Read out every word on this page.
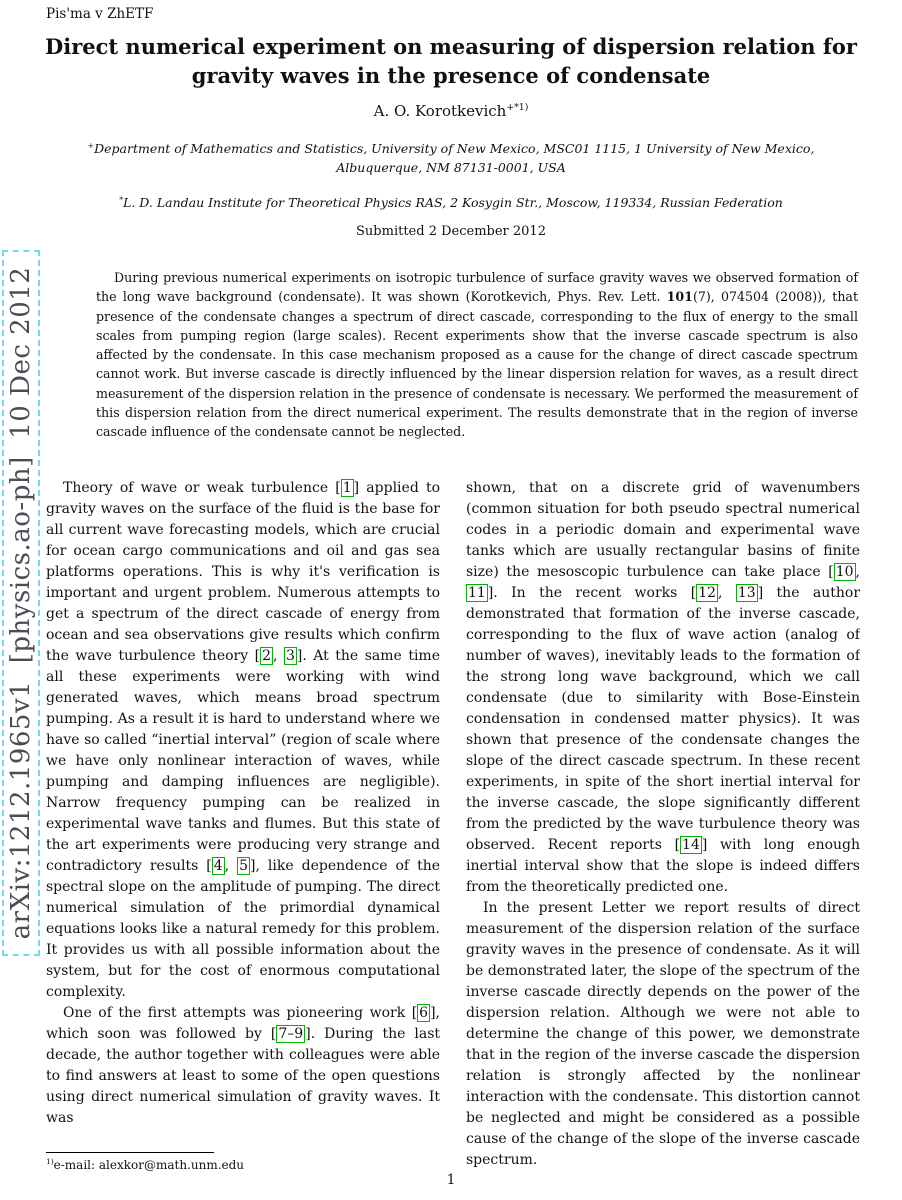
Pis'ma v ZhETF
arXiv:1212.1965v1  [physics.ao-ph]  10 Dec 2012
Direct numerical experiment on measuring of dispersion relation for gravity waves in the presence of condensate
A. O. Korotkevich$^{+*1)}$
+Department of Mathematics and Statistics, University of New Mexico, MSC01 1115, 1 University of New Mexico, Albuquerque, NM 87131-0001, USA
*L. D. Landau Institute for Theoretical Physics RAS, 2 Kosygin Str., Moscow, 119334, Russian Federation
Submitted 2 December 2012
During previous numerical experiments on isotropic turbulence of surface gravity waves we observed formation of the long wave background (condensate). It was shown (Korotkevich, Phys. Rev. Lett. 101(7), 074504 (2008)), that presence of the condensate changes a spectrum of direct cascade, corresponding to the flux of energy to the small scales from pumping region (large scales). Recent experiments show that the inverse cascade spectrum is also affected by the condensate. In this case mechanism proposed as a cause for the change of direct cascade spectrum cannot work. But inverse cascade is directly influenced by the linear dispersion relation for waves, as a result direct measurement of the dispersion relation in the presence of condensate is necessary. We performed the measurement of this dispersion relation from the direct numerical experiment. The results demonstrate that in the region of inverse cascade influence of the condensate cannot be neglected.

Theory of wave or weak turbulence [ 1 ] applied to gravity waves on the surface of the fluid is the base for all current wave forecasting models, which are crucial for ocean cargo communications and oil and gas sea platforms operations. This is why it's verification is important and urgent problem. Numerous attempts to get a spectrum of the direct cascade of energy from ocean and sea observations give results which confirm the wave turbulence theory [ 2 , 3 ]. At the same time all these experiments were working with wind generated waves, which means broad spectrum pumping. As a result it is hard to understand where we have so called “inertial interval” (region of scale where we have only nonlinear interaction of waves, while pumping and damping influences are negligible). Narrow frequency pumping can be realized in experimental wave tanks and flumes. But this state of the art experiments were producing very strange and contradictory results [ 4 , 5 ], like dependence of the spectral slope on the amplitude of pumping. The direct numerical simulation of the primordial dynamical equations looks like a natural remedy for this problem. It provides us with all possible information about the system, but for the cost of enormous computational complexity.

One of the first attempts was pioneering work [ 6 ], which soon was followed by [ 7–9 ]. During the last decade, the author together with colleagues were able to find answers at least to some of the open questions using direct numerical simulation of gravity waves. It was

shown, that on a discrete grid of wavenumbers (common situation for both pseudo spectral numerical codes in a periodic domain and experimental wave tanks which are usually rectangular basins of finite size) the mesoscopic turbulence can take place [ 10 , 11 ]. In the recent works [ 12 , 13 ] the author demonstrated that formation of the inverse cascade, corresponding to the flux of wave action (analog of number of waves), inevitably leads to the formation of the strong long wave background, which we call condensate (due to similarity with Bose-Einstein condensation in condensed matter physics). It was shown that presence of the condensate changes the slope of the direct cascade spectrum. In these recent experiments, in spite of the short inertial interval for the inverse cascade, the slope significantly different from the predicted by the wave turbulence theory was observed. Recent reports [ 14 ] with long enough inertial interval show that the slope is indeed differs from the theoretically predicted one.

In the present Letter we report results of direct measurement of the dispersion relation of the surface gravity waves in the presence of condensate. As it will be demonstrated later, the slope of the spectrum of the inverse cascade directly depends on the power of the dispersion relation. Although we were not able to determine the change of this power, we demonstrate that in the region of the inverse cascade the dispersion relation is strongly affected by the nonlinear interaction with the condensate. This distortion cannot be neglected and might be considered as a possible cause of the change of the slope of the inverse cascade spectrum.

$^{1)}$e-mail: alexkor@math.unm.edu
1
